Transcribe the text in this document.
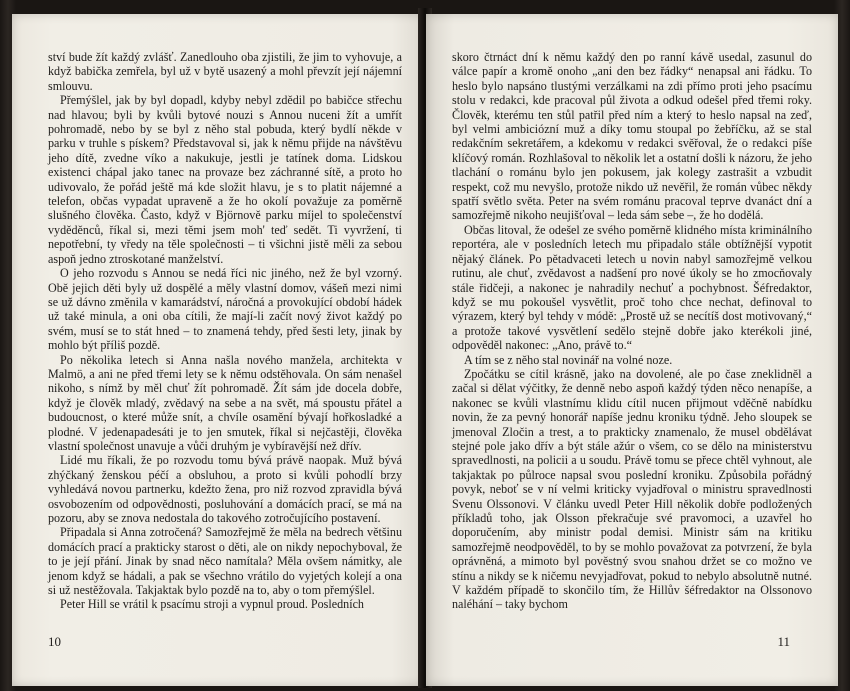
ství bude žít každý zvlášť. Zanedlouho oba zjistili, že jim to vyhovuje, a když babička zemřela, byl už v bytě usazený a mohl převzít její nájemní smlouvu.

Přemýšlel, jak by byl dopadl, kdyby nebyl zdědil po babičce střechu nad hlavou; byli by kvůli bytové nouzi s Annou nuceni žít a umřít pohromadě, nebo by se byl z něho stal pobuda, který bydlí někde v parku v truhle s pískem? Představoval si, jak k němu přijde na návštěvu jeho dítě, zvedne víko a nakukuje, jestli je tatínek doma. Lidskou existenci chápal jako tanec na provaze bez záchranné sítě, a proto ho udivovalo, že pořád ještě má kde složit hlavu, je s to platit nájemné a telefon, občas vypadat upraveně a že ho okolí považuje za poměrně slušného člověka. Často, když v Björnově parku míjel to společenství vyděděnců, říkal si, mezi těmi jsem moh' teď sedět. Ti vyvržení, ti nepotřební, ty vředy na těle společnosti – ti všichni jistě měli za sebou aspoň jedno ztroskotané manželství.

O jeho rozvodu s Annou se nedá říci nic jiného, než že byl vzorný. Obě jejich děti byly už dospělé a měly vlastní domov, vášeň mezi nimi se už dávno změnila v kamarádství, náročná a provokující období hádek už také minula, a oni oba cítili, že mají-li začít nový život každý po svém, musí se to stát hned – to znamená tehdy, před šesti lety, jinak by mohlo být příliš pozdě.

Po několika letech si Anna našla nového manžela, architekta v Malmö, a ani ne před třemi lety se k němu odstěhovala. On sám nenašel nikoho, s nímž by měl chuť žít pohromadě. Žít sám jde docela dobře, když je člověk mladý, zvědavý na sebe a na svět, má spoustu přátel a budoucnost, o které může snít, a chvíle osamění bývají hořkosladké a plodné. V jedenapadesáti je to jen smutek, říkal si nejčastěji, člověka vlastní společnost unavuje a vůči druhým je vybíravější než dřív.

Lidé mu říkali, že po rozvodu tomu bývá právě naopak. Muž bývá zhýčkaný ženskou péčí a obsluhou, a proto si kvůli pohodlí brzy vyhledává novou partnerku, kdežto žena, pro niž rozvod zpravidla bývá osvobozením od odpovědnosti, posluhování a domácích prací, se má na pozoru, aby se znova nedostala do takového zotročujícího postavení.

Připadala si Anna zotročená? Samozřejmě že měla na bedrech většinu domácích prací a prakticky starost o děti, ale on nikdy nepochyboval, že to je její přání. Jinak by snad něco namítala? Měla ovšem námitky, ale jenom když se hádali, a pak se všechno vrátilo do vyjetých kolejí a ona si už nestěžovala. Takjaktak bylo pozdě na to, aby o tom přemýšlel.

Peter Hill se vrátil k psacímu stroji a vypnul proud. Posledních

10

skoro čtrnáct dní k němu každý den po ranní kávě usedal, zasunul do válce papír a kromě onoho „ani den bez řádky“ nenapsal ani řádku. To heslo bylo napsáno tlustými verzálkami na zdi přímo proti jeho psacímu stolu v redakci, kde pracoval půl života a odkud odešel před třemi roky. Člověk, kterému ten stůl patřil před ním a který to heslo napsal na zeď, byl velmi ambiciózní muž a díky tomu stoupal po žebříčku, až se stal redakčním sekretářem, a kdekomu v redakci svěřoval, že o redakci píše klíčový román. Rozhlašoval to několik let a ostatní došli k názoru, že jeho tlachání o románu bylo jen pokusem, jak kolegy zastrašit a vzbudit respekt, což mu nevyšlo, protože nikdo už nevěřil, že román vůbec někdy spatří světlo světa. Peter na svém románu pracoval teprve dvanáct dní a samozřejmě nikoho neujišťoval – leda sám sebe –, že ho dodělá.

Občas litoval, že odešel ze svého poměrně klidného místa kriminálního reportéra, ale v posledních letech mu připadalo stále obtížnější vypotit nějaký článek. Po pětadvaceti letech u novin nabyl samozřejmě velkou rutinu, ale chuť, zvědavost a nadšení pro nové úkoly se ho zmocňovaly stále řidčeji, a nakonec je nahradily nechuť a pochybnost. Šéfredaktor, když se mu pokoušel vysvětlit, proč toho chce nechat, definoval to výrazem, který byl tehdy v módě: „Prostě už se necítíš dost motivovaný,“ a protože takové vysvětlení sedělo stejně dobře jako kterékoli jiné, odpověděl nakonec: „Ano, právě to.“

A tím se z něho stal novinář na volné noze.

Zpočátku se cítil krásně, jako na dovolené, ale po čase zneklidněl a začal si dělat výčitky, že denně nebo aspoň každý týden něco nenapíše, a nakonec se kvůli vlastnímu klidu cítil nucen přijmout vděčně nabídku novin, že za pevný honorář napíše jednu kroniku týdně. Jeho sloupek se jmenoval Zločin a trest, a to prakticky znamenalo, že musel obdělávat stejné pole jako dřív a být stále ažúr o všem, co se dělo na ministerstvu spravedlnosti, na policii a u soudu. Právě tomu se přece chtěl vyhnout, ale takjaktak po půlroce napsal svou poslední kroniku. Způsobila pořádný povyk, neboť se v ní velmi kriticky vyjadřoval o ministru spravedlnosti Svenu Olssonovi. V článku uvedl Peter Hill několik dobře podložených příkladů toho, jak Olsson překračuje své pravomoci, a uzavřel ho doporučením, aby ministr podal demisi. Ministr sám na kritiku samozřejmě neodpověděl, to by se mohlo považovat za potvrzení, že byla oprávněná, a mimoto byl pověstný svou snahou držet se co možno ve stínu a nikdy se k ničemu nevyjadřovat, pokud to nebylo absolutně nutné. V každém případě to skončilo tím, že Hillův šéfredaktor na Olssonovo naléhání – taky bychom

11
